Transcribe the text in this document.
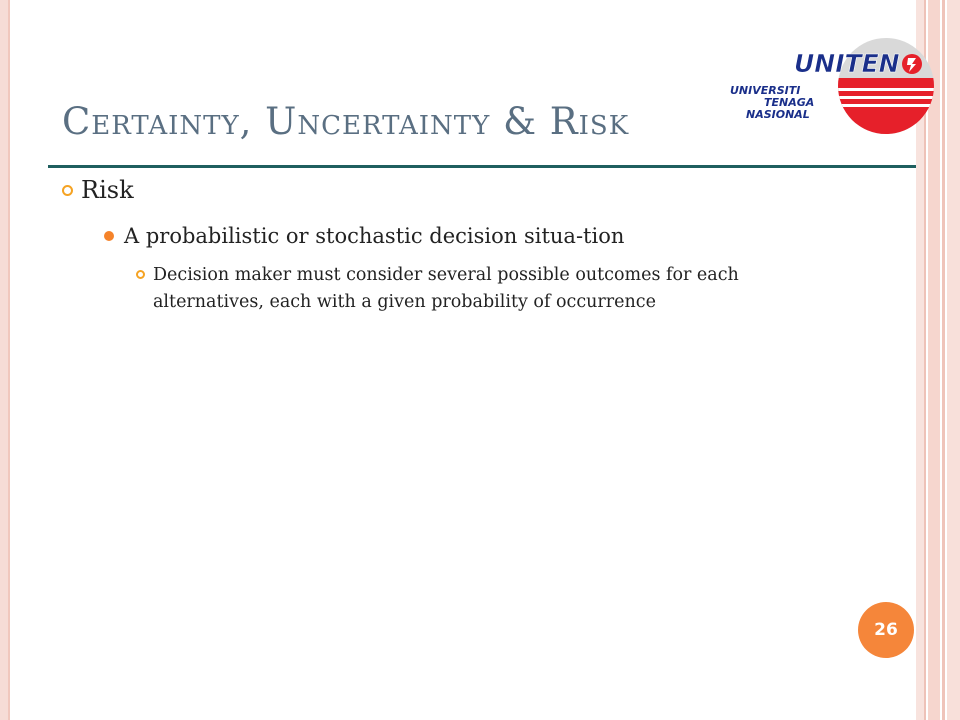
Certainty, Uncertainty & Risk
UNITEN
UNIVERSITI
TENAGA
NASIONAL
Risk
A probabilistic or stochastic decision situa-tion
Decision maker must consider several possible outcomes for each alternatives, each with a given probability of occurrence
26
